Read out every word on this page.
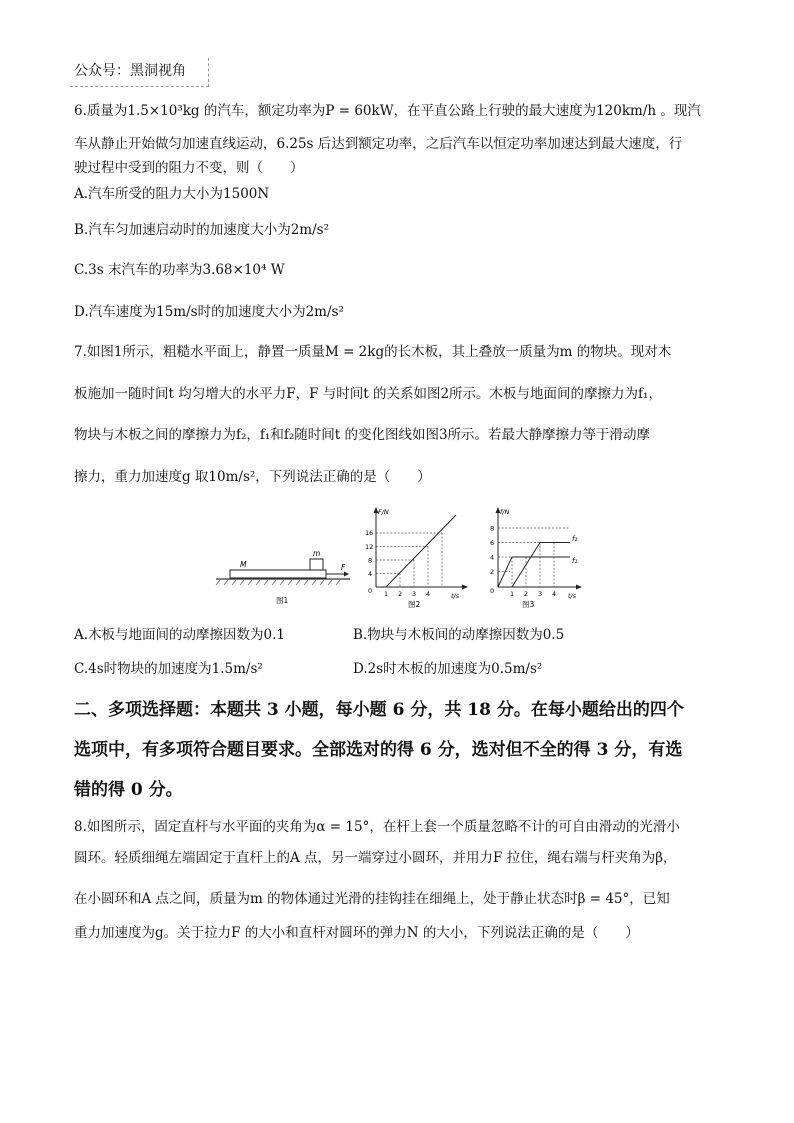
公众号：黑洞视角
6.质量为1.5×10³kg 的汽车，额定功率为P = 60kW，在平直公路上行驶的最大速度为120km/h 。现汽
车从静止开始做匀加速直线运动，6.25s 后达到额定功率，之后汽车以恒定功率加速达到最大速度，行
驶过程中受到的阻力不变，则（　　）
A.汽车所受的阻力大小为1500N
B.汽车匀加速启动时的加速度大小为2m/s²
C.3s 末汽车的功率为3.68×10⁴ W
D.汽车速度为15m/s时的加速度大小为2m/s²
7.如图1所示，粗糙水平面上，静置一质量M = 2kg的长木板，其上叠放一质量为m 的物块。现对木
板施加一随时间t 均匀增大的水平力F，F 与时间t 的关系如图2所示。木板与地面间的摩擦力为f₁，
物块与木板之间的摩擦力为f₂，f₁和f₂随时间t 的变化图线如图3所示。若最大静摩擦力等于滑动摩
擦力，重力加速度g 取10m/s²，下列说法正确的是（　　）
M
m
F
图1
F/N
t/s
16
12
8
4
0 1 2 3 4
图2
f/N
t/s
f₂
f₁
8
6
4
2
0 1 2 3 4
图3
A.木板与地面间的动摩擦因数为0.1	B.物块与木板间的动摩擦因数为0.5
C.4s时物块的加速度为1.5m/s²	D.2s时木板的加速度为0.5m/s²
二、多项选择题：本题共 3 小题，每小题 6 分，共 18 分。在每小题给出的四个
选项中，有多项符合题目要求。全部选对的得 6 分，选对但不全的得 3 分，有选
错的得 0 分。
8.如图所示，固定直杆与水平面的夹角为α = 15°，在杆上套一个质量忽略不计的可自由滑动的光滑小
圆环。轻质细绳左端固定于直杆上的A 点，另一端穿过小圆环，并用力F 拉住，绳右端与杆夹角为β，
在小圆环和A 点之间，质量为m 的物体通过光滑的挂钩挂在细绳上，处于静止状态时β = 45°，已知
重力加速度为g。关于拉力F 的大小和直杆对圆环的弹力N 的大小，下列说法正确的是（　　）
